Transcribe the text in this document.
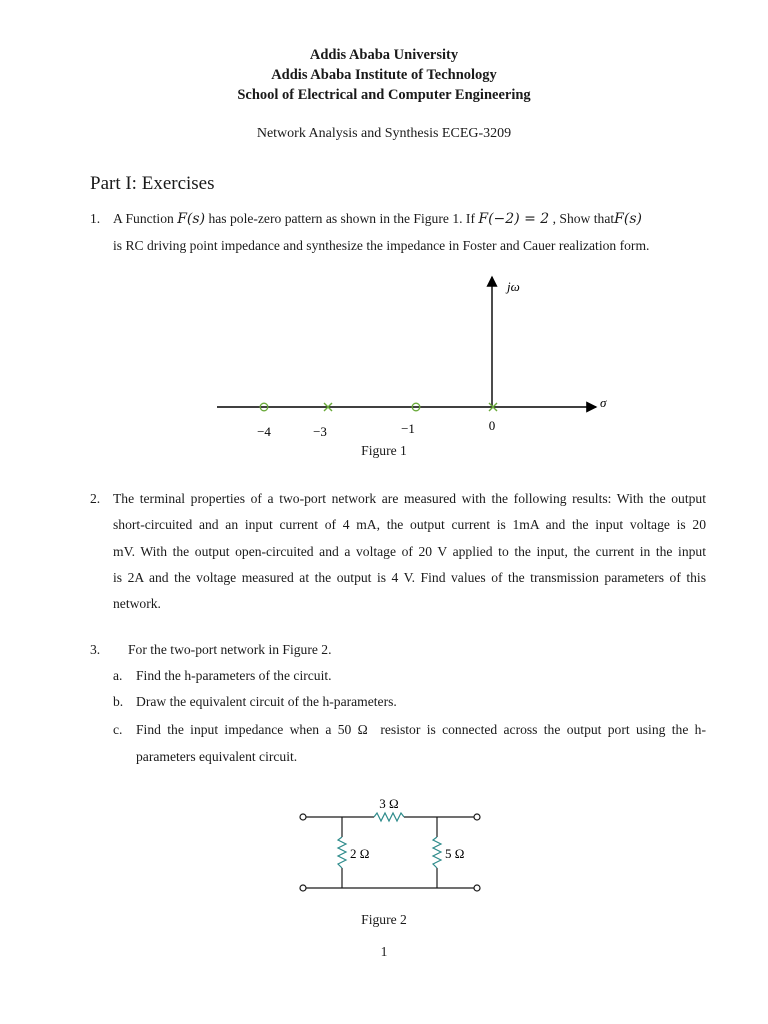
Addis Ababa University
Addis Ababa Institute of Technology
School of Electrical and Computer Engineering
Network Analysis and Synthesis ECEG-3209
Part I: Exercises
1. A Function F(s) has pole-zero pattern as shown in the Figure 1. If F(−2) = 2 , Show thatF(s)
is RC driving point impedance and synthesize the impedance in Foster and Cauer realization form.
jω
σ
−4	−3	−1	0
Figure 1
2. The terminal properties of a two-port network are measured with the following results: With the output
short-circuited and an input current of 4 mA, the output current is 1mA and the input voltage is 20
mV. With the output open-circuited and a voltage of 20 V applied to the input, the current in the input
is 2A and the voltage measured at the output is 4 V. Find values of the transmission parameters of this
network.
3. For the two-port network in Figure 2.
a. Find the h-parameters of the circuit.
b. Draw the equivalent circuit of the h-parameters.
c. Find the input impedance when a 50 Ω  resistor is connected across the output port using the h-
parameters equivalent circuit.
3 Ω
2 Ω	5 Ω
Figure 2
1
